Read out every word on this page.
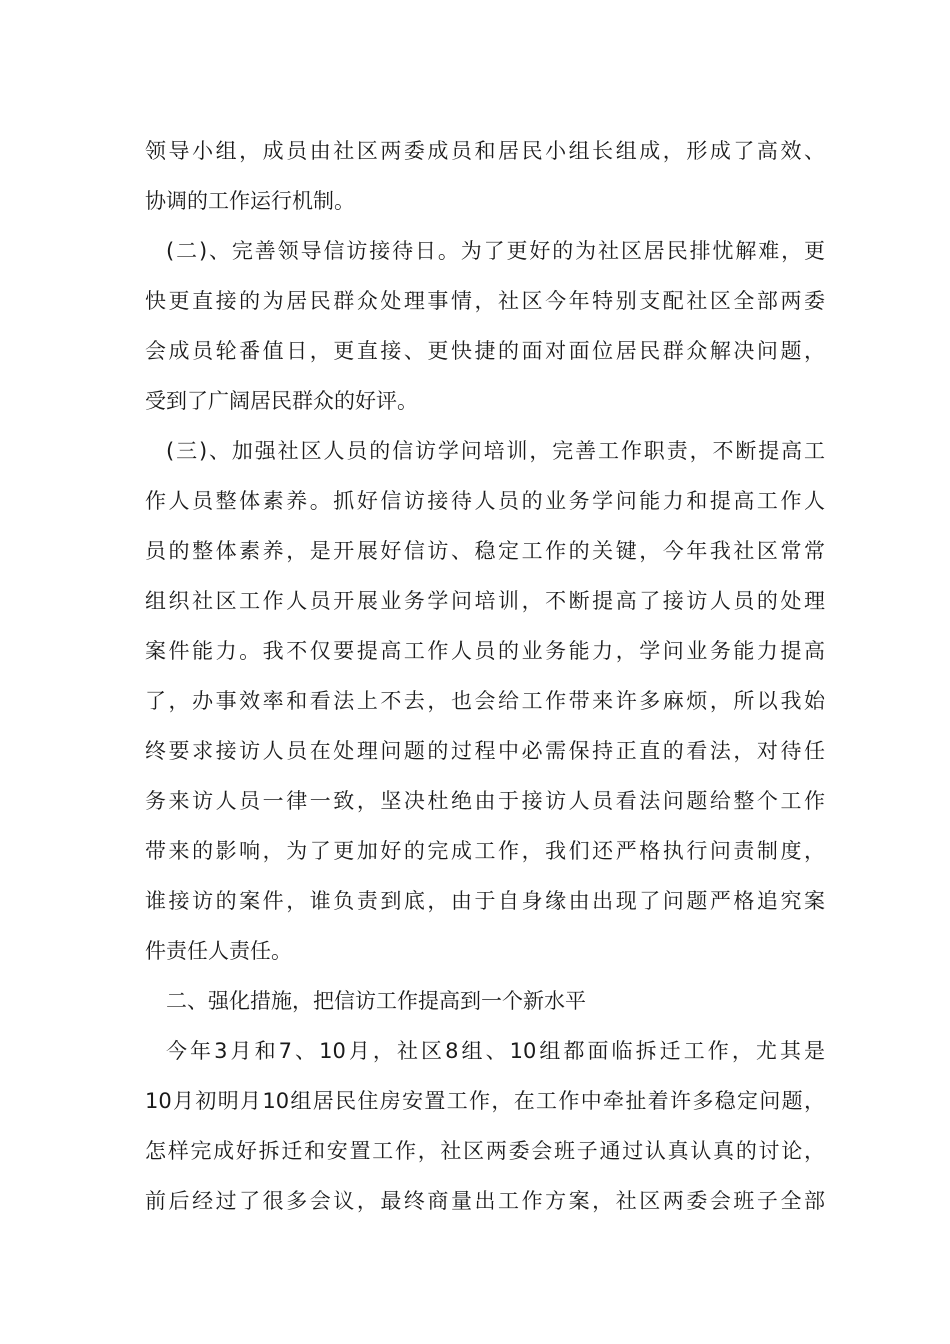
领导小组，成员由社区两委成员和居民小组长组成，形成了高效、
协调的工作运行机制。
(二)、完善领导信访接待日。为了更好的为社区居民排忧解难，更
快更直接的为居民群众处理事情，社区今年特别支配社区全部两委
会成员轮番值日，更直接、更快捷的面对面位居民群众解决问题，
受到了广阔居民群众的好评。
(三)、加强社区人员的信访学问培训，完善工作职责，不断提高工
作人员整体素养。抓好信访接待人员的业务学问能力和提高工作人
员的整体素养，是开展好信访、稳定工作的关键，今年我社区常常
组织社区工作人员开展业务学问培训，不断提高了接访人员的处理
案件能力。我不仅要提高工作人员的业务能力，学问业务能力提高
了，办事效率和看法上不去，也会给工作带来许多麻烦，所以我始
终要求接访人员在处理问题的过程中必需保持正直的看法，对待任
务来访人员一律一致，坚决杜绝由于接访人员看法问题给整个工作
带来的影响，为了更加好的完成工作，我们还严格执行问责制度，
谁接访的案件，谁负责到底，由于自身缘由出现了问题严格追究案
件责任人责任。
二、强化措施，把信访工作提高到一个新水平
今年3月和7、10月，社区8组、10组都面临拆迁工作，尤其是
10月初明月10组居民住房安置工作，在工作中牵扯着许多稳定问题，
怎样完成好拆迁和安置工作，社区两委会班子通过认真认真的讨论，
前后经过了很多会议，最终商量出工作方案，社区两委会班子全部
